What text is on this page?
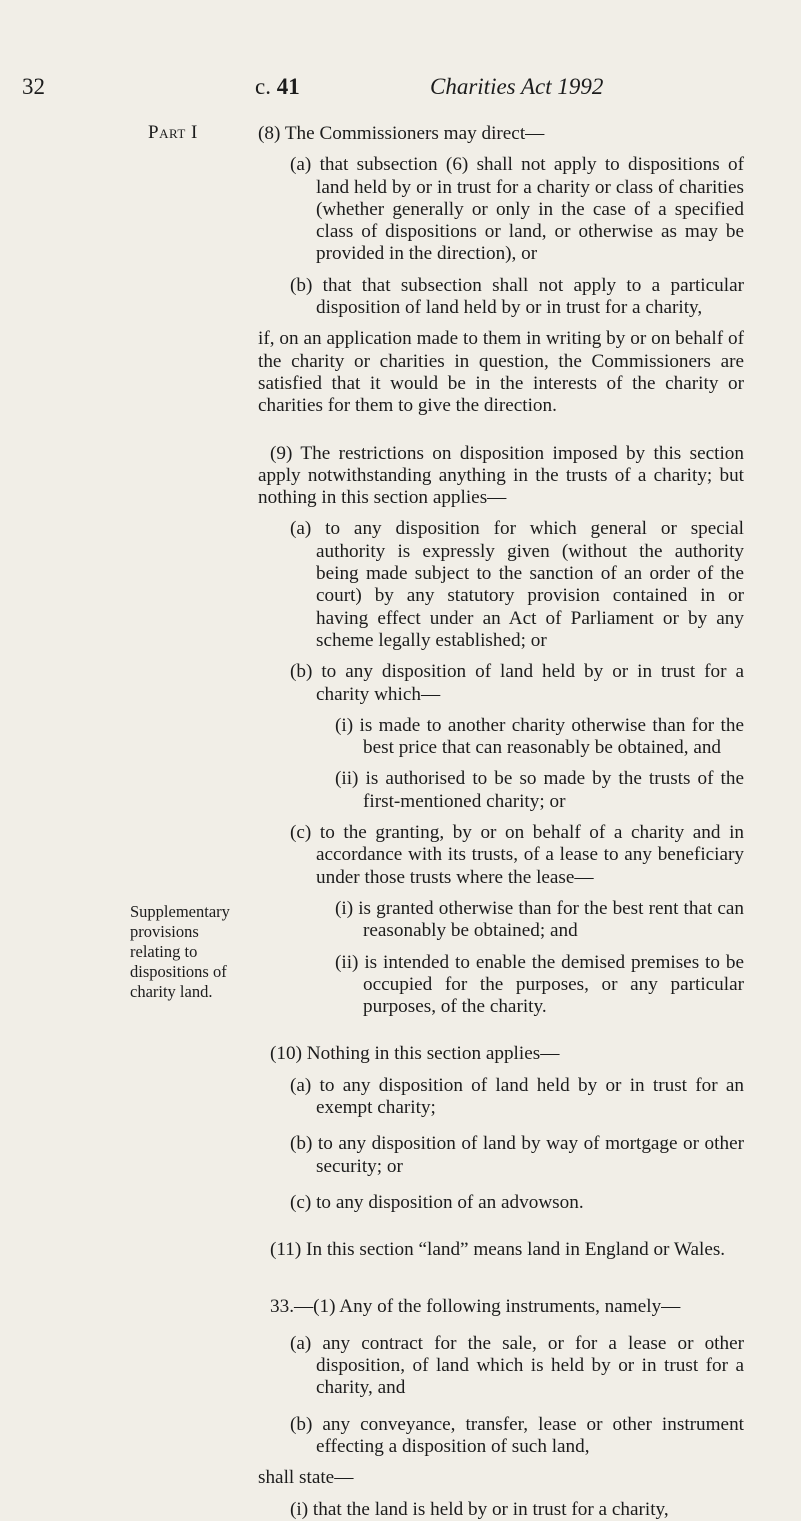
32	c. 41	Charities Act 1992
Part I
Supplementary
provisions
relating to
dispositions of
charity land.

(8) The Commissioners may direct—

(a) that subsection (6) shall not apply to dispositions of land held by or in trust for a charity or class of charities (whether generally or only in the case of a specified class of dispositions or land, or otherwise as may be provided in the direction), or

(b) that that subsection shall not apply to a particular disposition of land held by or in trust for a charity,

if, on an application made to them in writing by or on behalf of the charity or charities in question, the Commissioners are satisfied that it would be in the interests of the charity or charities for them to give the direction.

(9) The restrictions on disposition imposed by this section apply notwithstanding anything in the trusts of a charity; but nothing in this section applies—

(a) to any disposition for which general or special authority is expressly given (without the authority being made subject to the sanction of an order of the court) by any statutory provision contained in or having effect under an Act of Parliament or by any scheme legally established; or

(b) to any disposition of land held by or in trust for a charity which—

(i) is made to another charity otherwise than for the best price that can reasonably be obtained, and

(ii) is authorised to be so made by the trusts of the first-mentioned charity; or

(c) to the granting, by or on behalf of a charity and in accordance with its trusts, of a lease to any beneficiary under those trusts where the lease—

(i) is granted otherwise than for the best rent that can reasonably be obtained; and

(ii) is intended to enable the demised premises to be occupied for the purposes, or any particular purposes, of the charity.

(10) Nothing in this section applies—

(a) to any disposition of land held by or in trust for an exempt charity;

(b) to any disposition of land by way of mortgage or other security; or

(c) to any disposition of an advowson.

(11) In this section “land” means land in England or Wales.

33.—(1) Any of the following instruments, namely—

(a) any contract for the sale, or for a lease or other disposition, of land which is held by or in trust for a charity, and

(b) any conveyance, transfer, lease or other instrument effecting a disposition of such land,

shall state—

(i) that the land is held by or in trust for a charity,
